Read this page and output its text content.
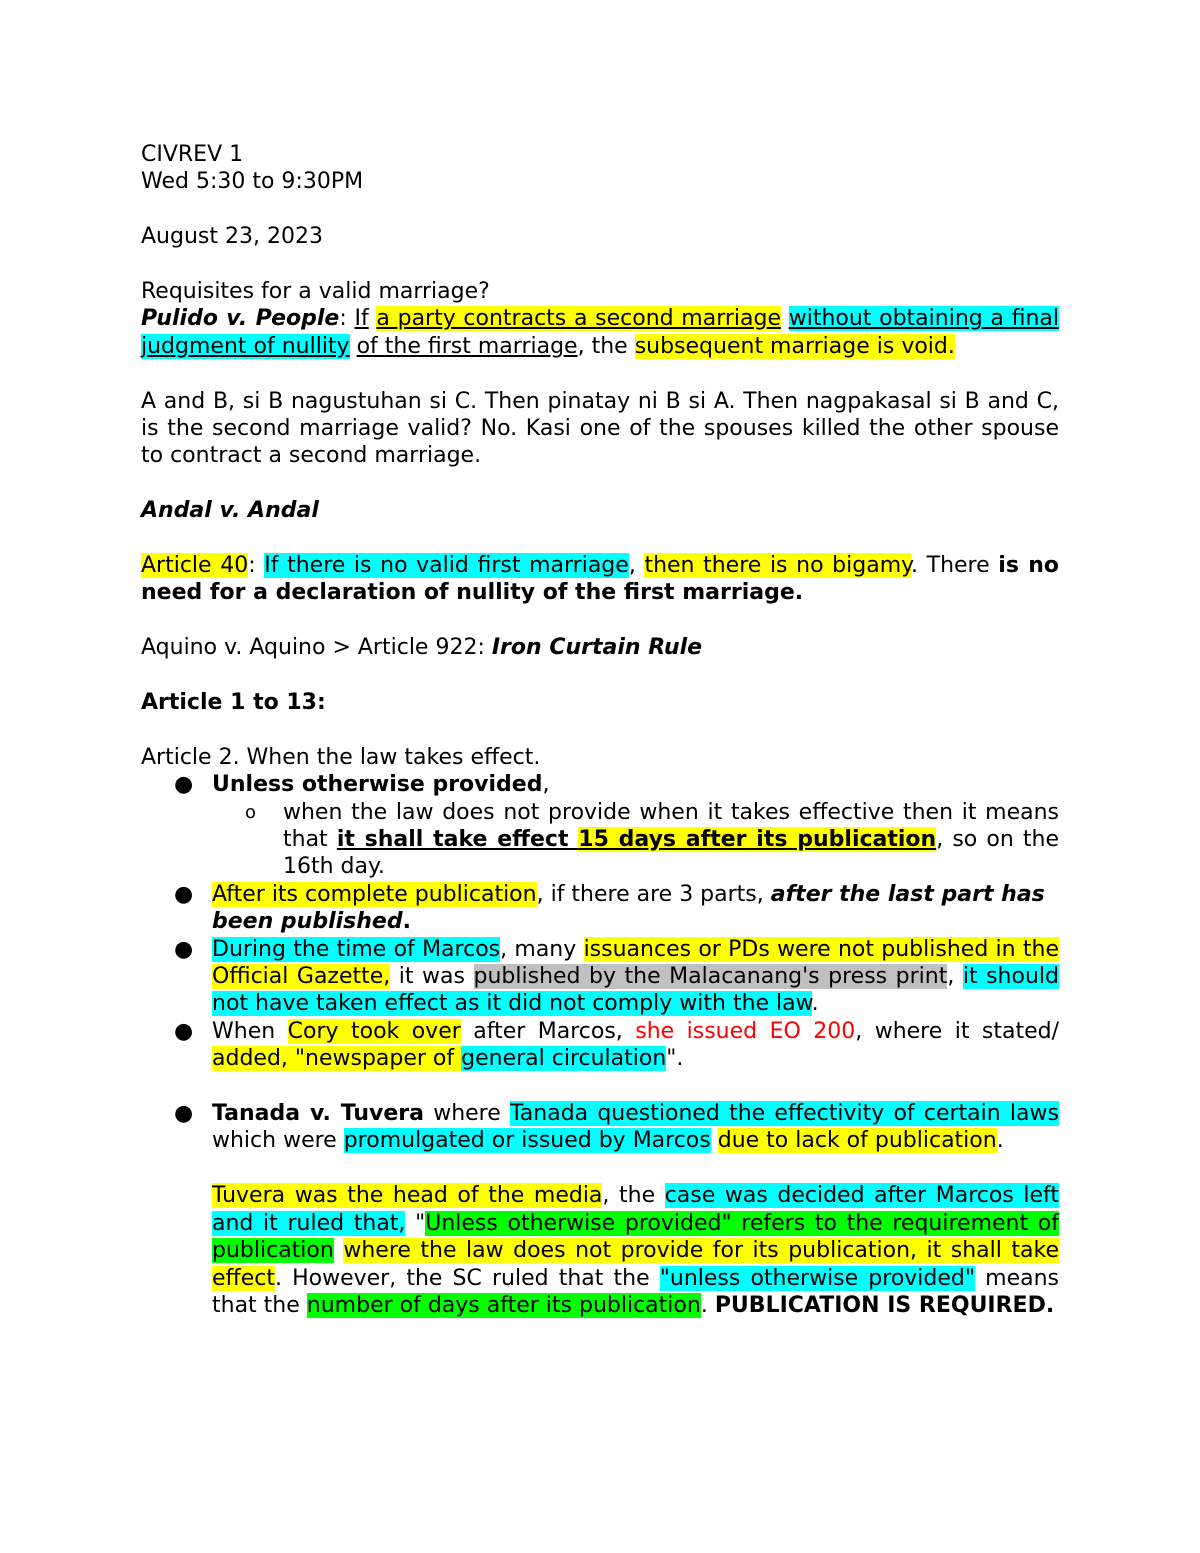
CIVREV 1

Wed 5:30 to 9:30PM

August 23, 2023

Requisites for a valid marriage?

Pulido v. People: If a party contracts a second marriage without obtaining a final judgment of nullity of the first marriage, the subsequent marriage is void.

A and B, si B nagustuhan si C. Then pinatay ni B si A. Then nagpakasal si B and C, is the second marriage valid? No. Kasi one of the spouses killed the other spouse to contract a second marriage.

Andal v. Andal

Article 40: If there is no valid first marriage, then there is no bigamy. There is no need for a declaration of nullity of the first marriage.

Aquino v. Aquino > Article 922: Iron Curtain Rule

Article 1 to 13:

Article 2. When the law takes effect.

● Unless otherwise provided,
o when the law does not provide when it takes effective then it means that it shall take effect 15 days after its publication, so on the 16th day.
● After its complete publication, if there are 3 parts, after the last part has been published.
● During the time of Marcos, many issuances or PDs were not published in the Official Gazette, it was published by the Malacanang's press print, it should not have taken effect as it did not comply with the law.
● When Cory took over after Marcos, she issued EO 200, where it stated/ added, "newspaper of general circulation".
● Tanada v. Tuvera where Tanada questioned the effectivity of certain laws which were promulgated or issued by Marcos due to lack of publication.
Tuvera was the head of the media, the case was decided after Marcos left and it ruled that, "Unless otherwise provided" refers to the requirement of publication where the law does not provide for its publication, it shall take effect. However, the SC ruled that the "unless otherwise provided" means that the number of days after its publication. PUBLICATION IS REQUIRED.
